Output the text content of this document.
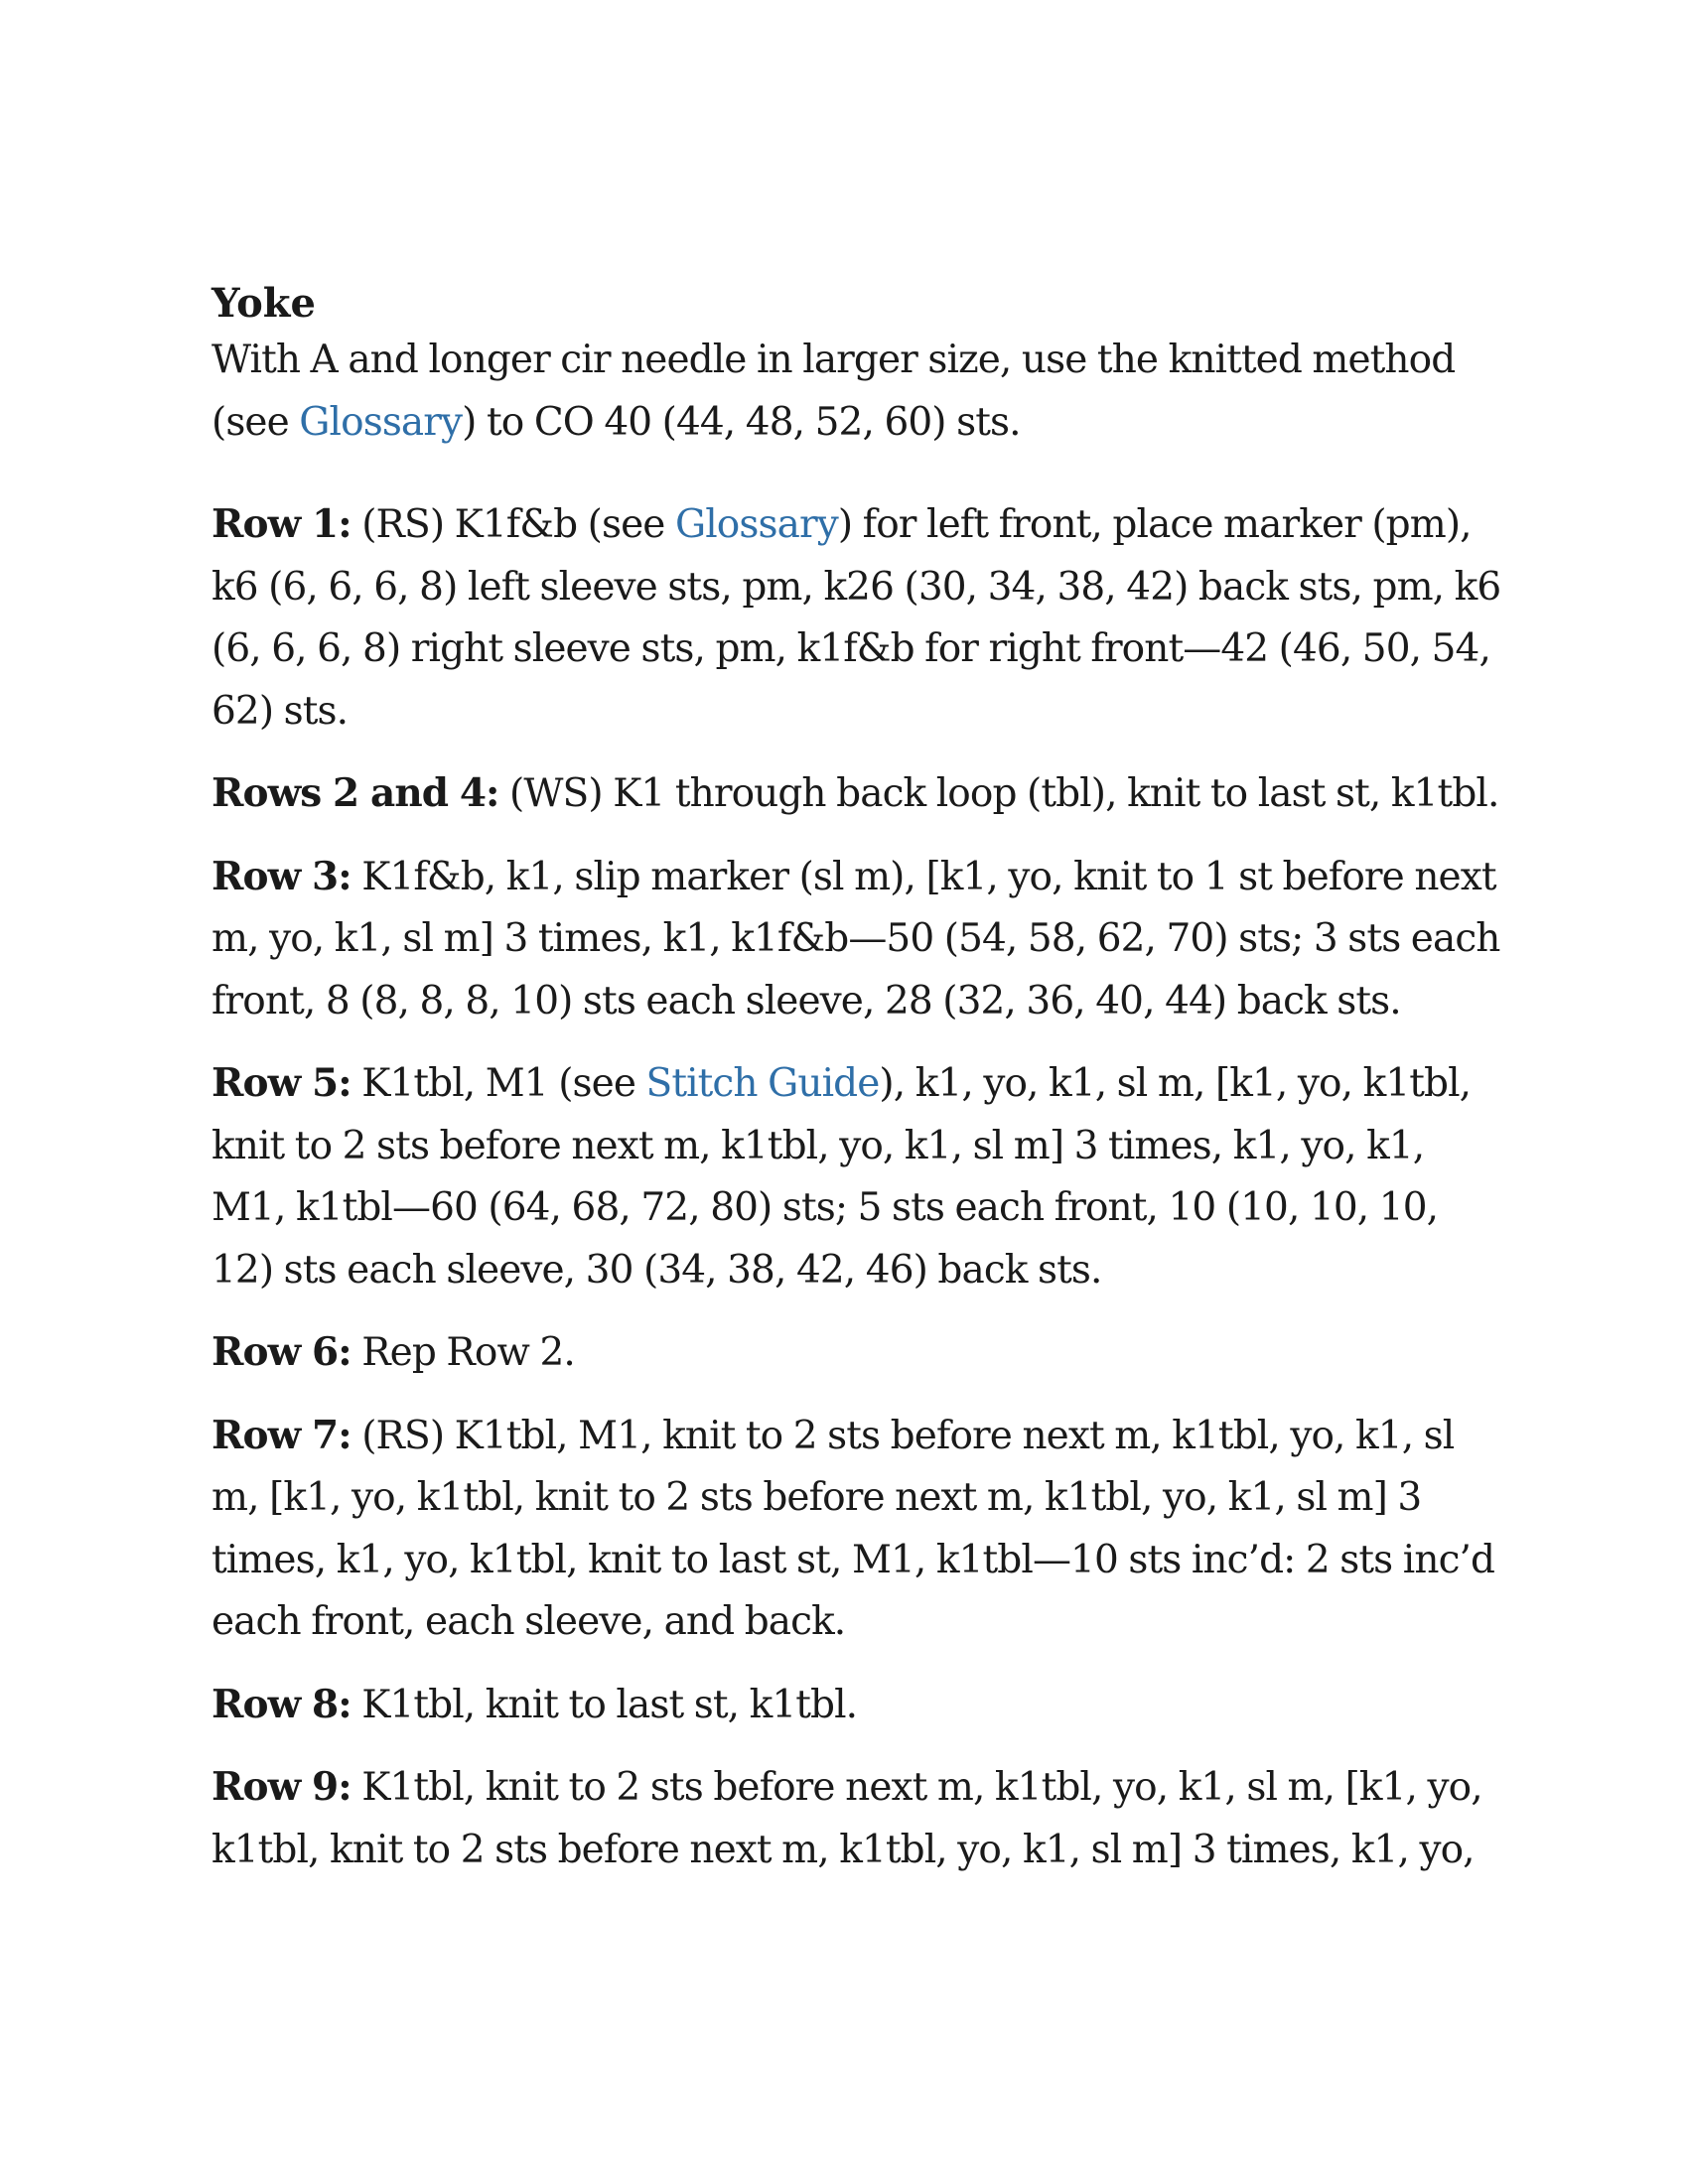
Yoke

With A and longer cir needle in larger size, use the knitted method (see Glossary) to CO 40 (44, 48, 52, 60) sts.

Row 1: (RS) K1f&b (see Glossary) for left front, place marker (pm), k6 (6, 6, 6, 8) left sleeve sts, pm, k26 (30, 34, 38, 42) back sts, pm, k6 (6, 6, 6, 8) right sleeve sts, pm, k1f&b for right front—42 (46, 50, 54, 62) sts.

Rows 2 and 4: (WS) K1 through back loop (tbl), knit to last st, k1tbl.

Row 3: K1f&b, k1, slip marker (sl m), [k1, yo, knit to 1 st before next m, yo, k1, sl m] 3 times, k1, k1f&b—50 (54, 58, 62, 70) sts; 3 sts each front, 8 (8, 8, 8, 10) sts each sleeve, 28 (32, 36, 40, 44) back sts.

Row 5: K1tbl, M1 (see Stitch Guide), k1, yo, k1, sl m, [k1, yo, k1tbl, knit to 2 sts before next m, k1tbl, yo, k1, sl m] 3 times, k1, yo, k1, M1, k1tbl—60 (64, 68, 72, 80) sts; 5 sts each front, 10 (10, 10, 10, 12) sts each sleeve, 30 (34, 38, 42, 46) back sts.

Row 6: Rep Row 2.

Row 7: (RS) K1tbl, M1, knit to 2 sts before next m, k1tbl, yo, k1, sl m, [k1, yo, k1tbl, knit to 2 sts before next m, k1tbl, yo, k1, sl m] 3 times, k1, yo, k1tbl, knit to last st, M1, k1tbl—10 sts inc’d: 2 sts inc’d each front, each sleeve, and back.

Row 8: K1tbl, knit to last st, k1tbl.

Row 9: K1tbl, knit to 2 sts before next m, k1tbl, yo, k1, sl m, [k1, yo, k1tbl, knit to 2 sts before next m, k1tbl, yo, k1, sl m] 3 times, k1, yo,
